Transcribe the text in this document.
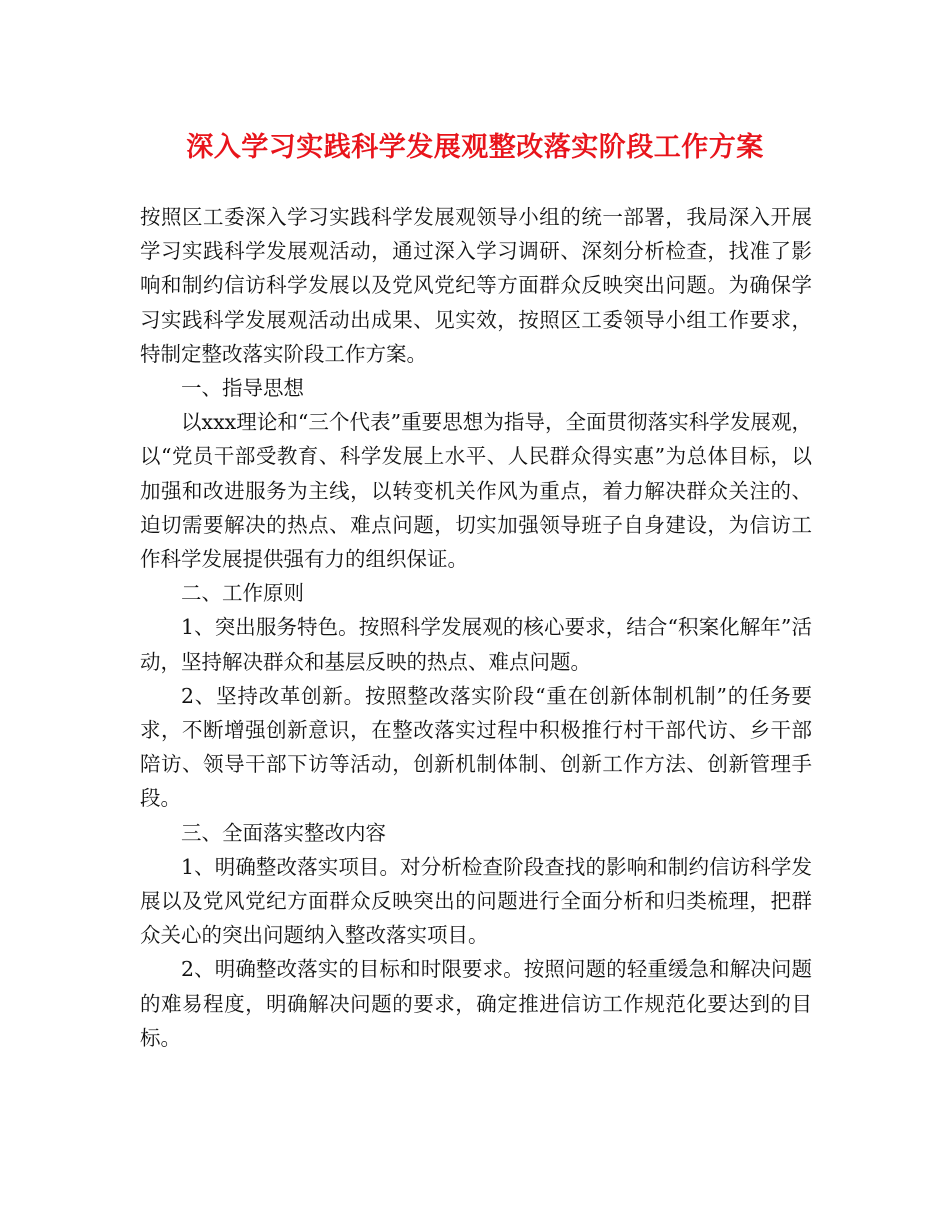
深入学习实践科学发展观整改落实阶段工作方案

按照区工委深入学习实践科学发展观领导小组的统一部署，我局深入开展学习实践科学发展观活动，通过深入学习调研、深刻分析检查，找准了影响和制约信访科学发展以及党风党纪等方面群众反映突出问题。为确保学习实践科学发展观活动出成果、见实效，按照区工委领导小组工作要求，特制定整改落实阶段工作方案。

一、指导思想

以xxx理论和“三个代表”重要思想为指导，全面贯彻落实科学发展观，以“党员干部受教育、科学发展上水平、人民群众得实惠”为总体目标，以加强和改进服务为主线，以转变机关作风为重点，着力解决群众关注的、迫切需要解决的热点、难点问题，切实加强领导班子自身建设，为信访工作科学发展提供强有力的组织保证。

二、工作原则

1、突出服务特色。按照科学发展观的核心要求，结合“积案化解年”活动，坚持解决群众和基层反映的热点、难点问题。

2、坚持改革创新。按照整改落实阶段“重在创新体制机制”的任务要求，不断增强创新意识，在整改落实过程中积极推行村干部代访、乡干部陪访、领导干部下访等活动，创新机制体制、创新工作方法、创新管理手段。

三、全面落实整改内容

1、明确整改落实项目。对分析检查阶段查找的影响和制约信访科学发展以及党风党纪方面群众反映突出的问题进行全面分析和归类梳理，把群众关心的突出问题纳入整改落实项目。

2、明确整改落实的目标和时限要求。按照问题的轻重缓急和解决问题的难易程度，明确解决问题的要求，确定推进信访工作规范化要达到的目标。
